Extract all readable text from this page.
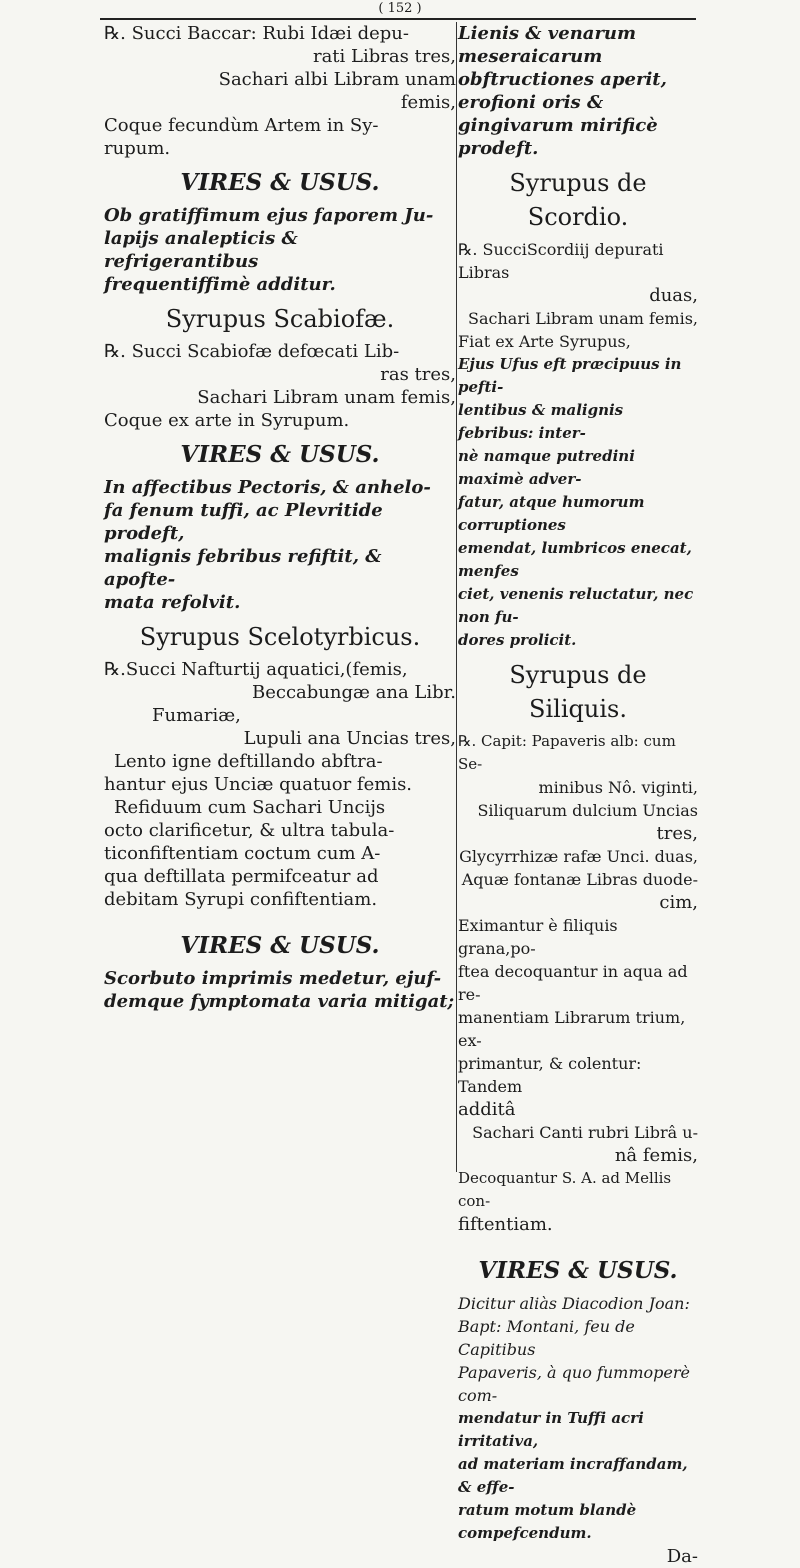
( 152 )

℞. Succi Baccar: Rubi Idæi depu-

rati Libras tres,

Sachari albi Libram unam

femis,

Coque fecundùm Artem in Sy-

rupum.

VIRES & USUS.

Ob gratiffimum ejus faporem Ju-

lapijs analepticis & refrigerantibus

frequentiffimè additur.

Syrupus Scabiofæ.

℞. Succi Scabiofæ defœcati Lib-

ras tres,

Sachari Libram unam femis,

Coque ex arte in Syrupum.

VIRES & USUS.

In affectibus Pectoris, & anhelo-

fa fenum tuffi, ac Plevritide prodeft,

malignis febribus refiftit, & apofte-

mata refolvit.

Syrupus Scelotyrbicus.

℞.Succi Nafturtij aquatici,(femis,

Beccabungæ ana Libr.

Fumariæ,

Lupuli ana Uncias tres,

Lento igne deftillando abftra-

hantur ejus Unciæ quatuor femis.

Refiduum cum Sachari Uncijs

octo clarificetur, & ultra tabula-

ticonfiftentiam coctum cum A-

qua deftillata permifceatur ad

debitam Syrupi confiftentiam.

VIRES & USUS.

Scorbuto imprimis medetur, ejuf-

demque fymptomata varia mitigat;

Lienis & venarum meseraicarum

obftructiones aperit, erofioni oris &

gingivarum mirificè prodeft.

Syrupus de Scordio.

℞. SucciScordiij depurati Libras

duas,

Sachari Libram unam femis,

Fiat ex Arte Syrupus,

Ejus Ufus eft præcipuus in pefti-

lentibus & malignis febribus: inter-

nè namque putredini maximè adver-

fatur, atque humorum corruptiones

emendat, lumbricos enecat, menfes

ciet, venenis reluctatur, nec non fu-

dores prolicit.

Syrupus de Siliquis.

℞. Capit: Papaveris alb: cum Se-

minibus Nô. viginti,

Siliquarum dulcium Uncias

tres,

Glycyrrhizæ rafæ Unci. duas,

Aquæ fontanæ Libras duode-

cim,

Eximantur è filiquis grana,po-

ftea decoquantur in aqua ad re-

manentiam Librarum trium, ex-

primantur, & colentur: Tandem

additâ

Sachari Canti rubri Librâ u-

nâ femis,

Decoquantur S. A. ad Mellis con-

fiftentiam.

VIRES & USUS.

Dicitur aliàs Diacodion Joan:

Bapt: Montani, feu de Capitibus

Papaveris, à quo fummoperè com-

mendatur in Tuffi acri irritativa,

ad materiam incraffandam, & effe-

ratum motum blandè compefcendum.

Da-
